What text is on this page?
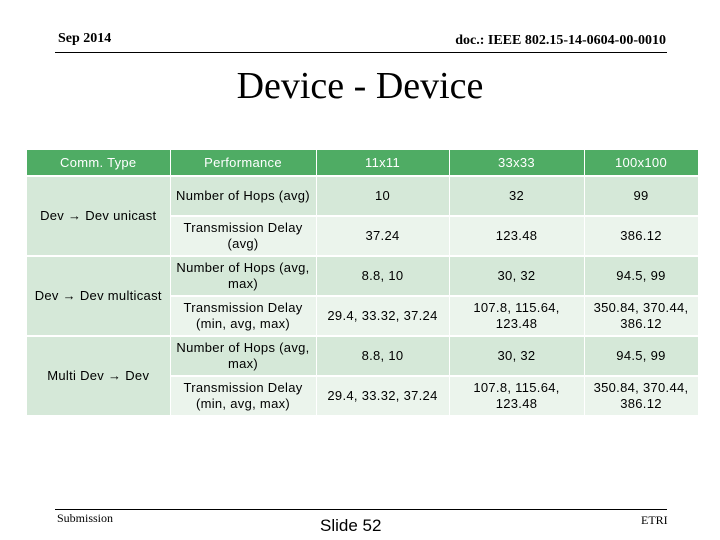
Sep 2014	doc.: IEEE 802.15-14-0604-00-0010
Device - Device
Comm. Type	Performance	11x11	33x33	100x100
Dev → Dev unicast	Number of Hops (avg)	10	32	99
	Transmission Delay (avg)	37.24	123.48	386.12
Dev → Dev multicast	Number of Hops (avg, max)	8.8, 10	30, 32	94.5, 99
	Transmission Delay (min, avg, max)	29.4, 33.32, 37.24	107.8, 115.64, 123.48	350.84, 370.44, 386.12
Multi Dev → Dev	Number of Hops (avg, max)	8.8, 10	30, 32	94.5, 99
	Transmission Delay (min, avg, max)	29.4, 33.32, 37.24	107.8, 115.64, 123.48	350.84, 370.44, 386.12
Submission	Slide 52	ETRI
